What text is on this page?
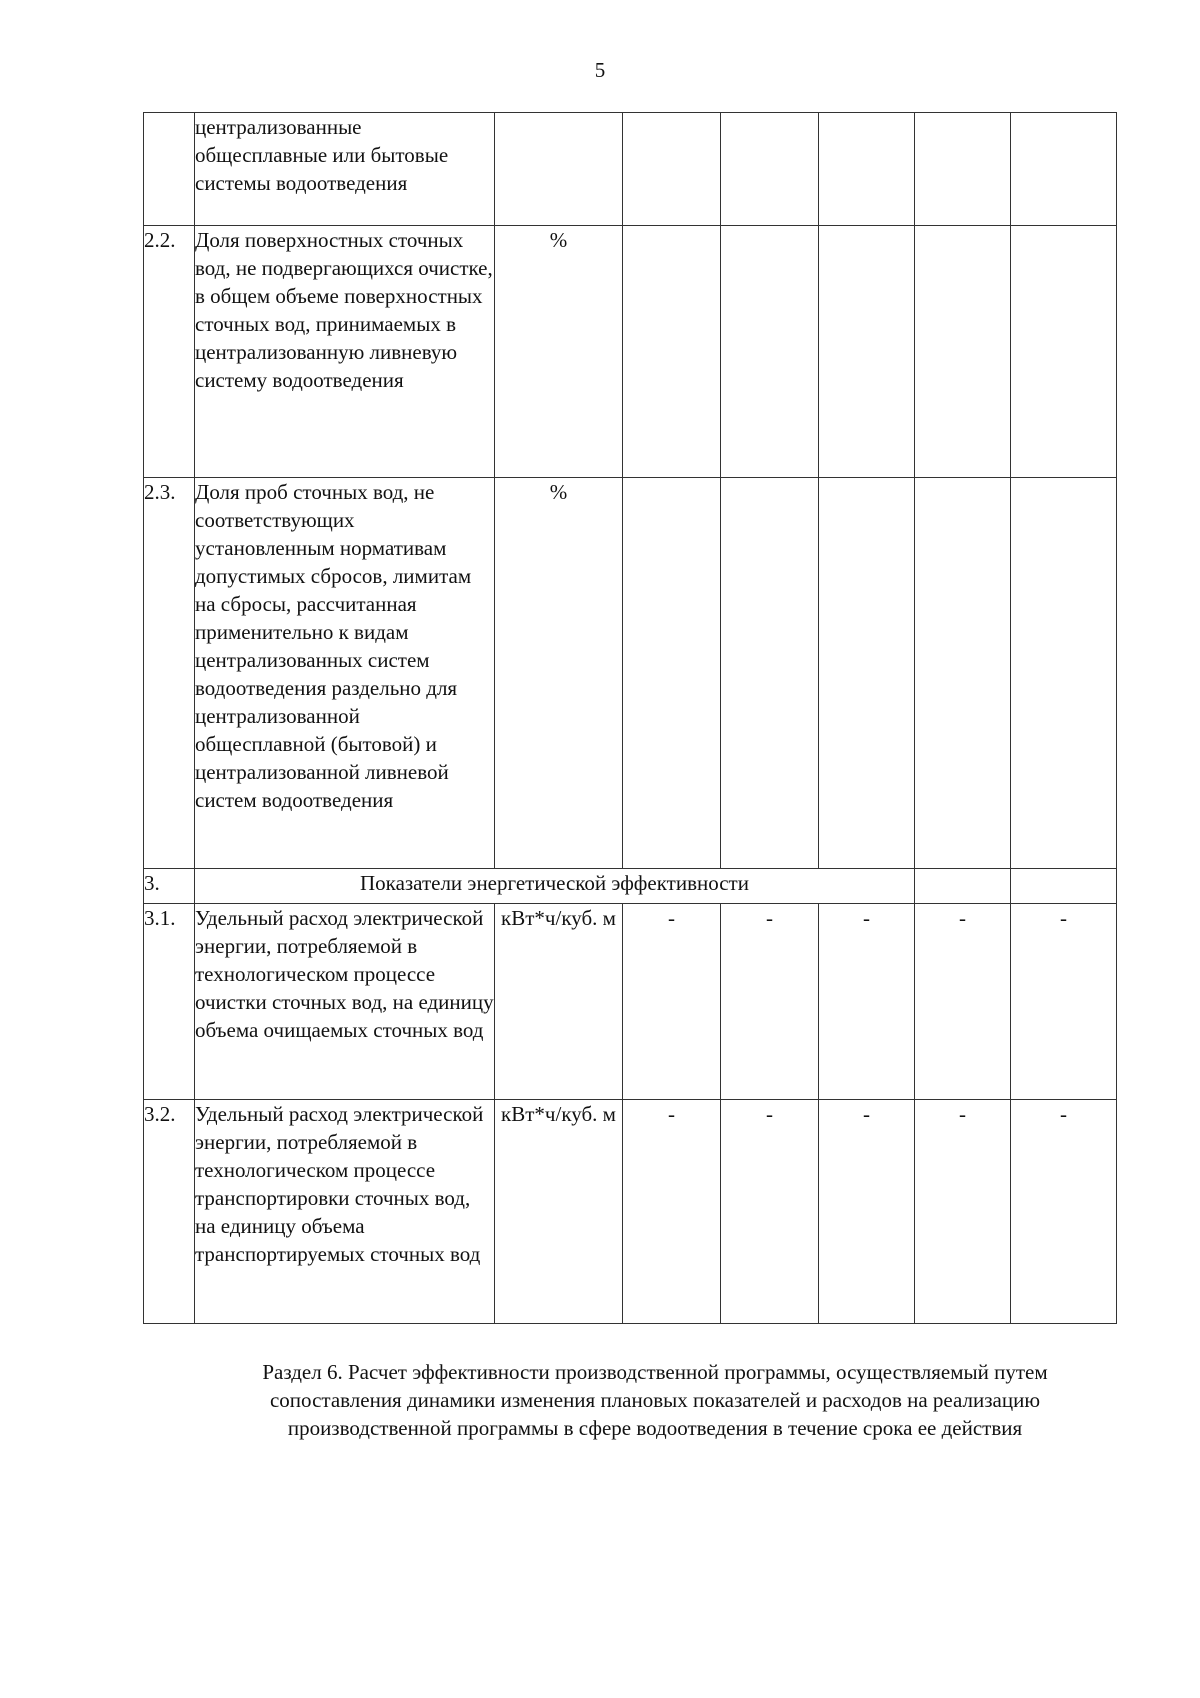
5
	централизованные общесплавные или бытовые системы водоотведения						
2.2.	Доля поверхностных сточных вод, не подвергающихся очистке, в общем объеме поверхностных сточных вод, принимаемых в централизованную ливневую систему водоотведения	%					
2.3.	Доля проб сточных вод, не соответствующих установленным нормативам допустимых сбросов, лимитам на сбросы, рассчитанная применительно к видам централизованных систем водоотведения раздельно для централизованной общесплавной (бытовой) и централизованной ливневой систем водоотведения	%					
3.	Показатели энергетической эффективности						
3.1.	Удельный расход электрической энергии, потребляемой в технологическом процессе очистки сточных вод, на единицу объема очищаемых сточных вод	кВт*ч/куб. м	-	-	-	-	-
3.2.	Удельный расход электрической энергии, потребляемой в технологическом процессе транспортировки сточных вод, на единицу объема транспортируемых сточных вод	кВт*ч/куб. м	-	-	-	-	-
Раздел 6. Расчет эффективности производственной программы, осуществляемый путем
сопоставления динамики изменения плановых показателей и расходов на реализацию
производственной программы в сфере водоотведения в течение срока ее действия
